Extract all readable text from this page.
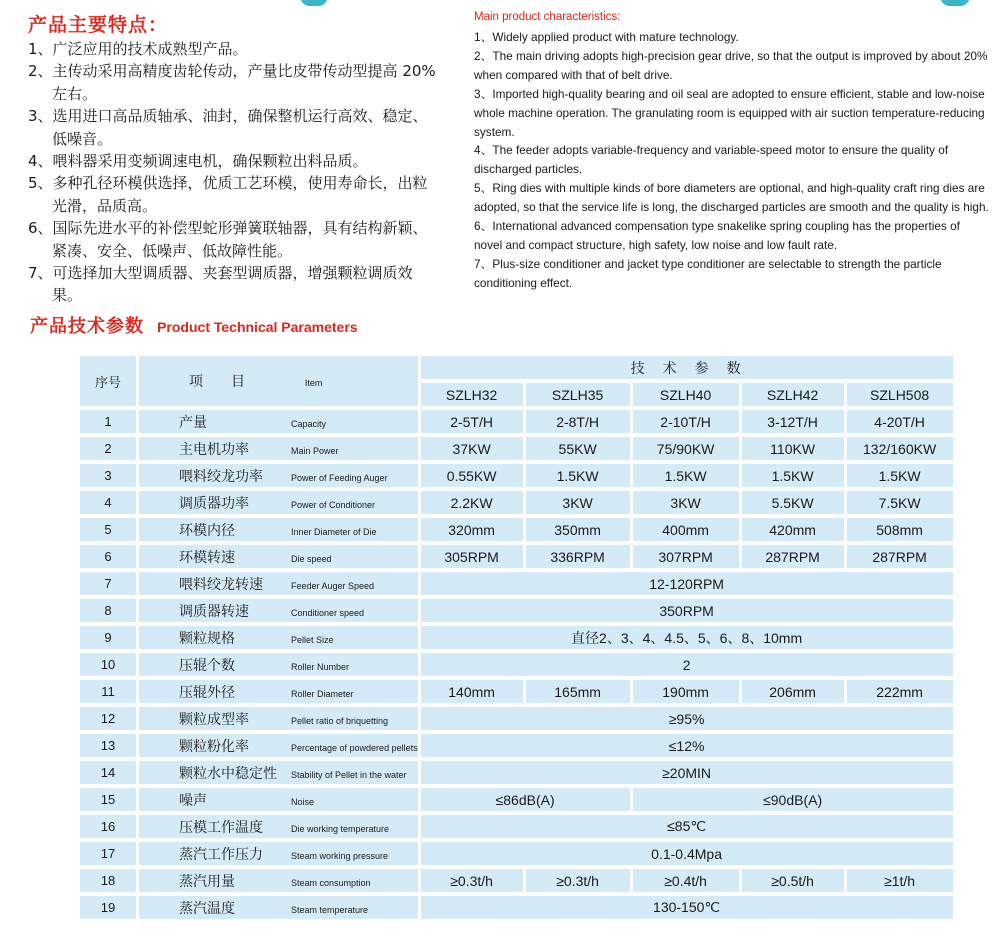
产品主要特点：
1、广泛应用的技术成熟型产品。
2、主传动采用高精度齿轮传动，产量比皮带传动型提高 20% 左右。
3、选用进口高品质轴承、油封，确保整机运行高效、稳定、低噪音。
4、喂料器采用变频调速电机，确保颗粒出料品质。
5、多种孔径环模供选择，优质工艺环模，使用寿命长，出粒光滑，品质高。
6、国际先进水平的补偿型蛇形弹簧联轴器，具有结构新颖、紧凑、安全、低噪声、低故障性能。
7、可选择加大型调质器、夹套型调质器，增强颗粒调质效果。
Main product characteristics:
1、Widely applied product with mature technology.
2、The main driving adopts high-precision gear drive, so that the output is improved by about 20% when compared with that of belt drive.
3、Imported high-quality bearing and oil seal are adopted to ensure efficient, stable and low-noise whole machine operation. The granulating room is equipped with air suction temperature-reducing system.
4、The feeder adopts variable-frequency and variable-speed motor to ensure the quality of discharged particles.
5、Ring dies with multiple kinds of bore diameters are optional, and high-quality craft ring dies are adopted, so that the service life is long, the discharged particles are smooth and the quality is high.
6、International advanced compensation type snakelike spring coupling has the properties of novel and compact structure, high safety, low noise and low fault rate.
7、Plus-size conditioner and jacket type conditioner are selectable to strength the particle conditioning effect.
产品技术参数 Product Technical Parameters
序号	项　　目 Item	技　术　参　数				
		SZLH32	SZLH35	SZLH40	SZLH42	SZLH508
1	产量 Capacity	2-5T/H	2-8T/H	2-10T/H	3-12T/H	4-20T/H
2	主电机功率 Main Power	37KW	55KW	75/90KW	110KW	132/160KW
3	喂料绞龙功率 Power of Feeding Auger	0.55KW	1.5KW	1.5KW	1.5KW	1.5KW
4	调质器功率 Power of Conditioner	2.2KW	3KW	3KW	5.5KW	7.5KW
5	环模内径 Inner Diameter of Die	320mm	350mm	400mm	420mm	508mm
6	环模转速 Die speed	305RPM	336RPM	307RPM	287RPM	287RPM
7	喂料绞龙转速 Feeder Auger Speed	12-120RPM				
8	调质器转速 Conditioner speed	350RPM				
9	颗粒规格 Pellet Size	直径2、3、4、4.5、5、6、8、10mm				
10	压辊个数 Roller Number	2				
11	压辊外径 Roller Diameter	140mm	165mm	190mm	206mm	222mm
12	颗粒成型率 Pellet ratio of briquetting	≥95%				
13	颗粒粉化率 Percentage of powdered pellets	≤12%				
14	颗粒水中稳定性 Stability of Pellet in the water	≥20MIN				
15	噪声 Noise	≤86dB(A)		≤90dB(A)		
16	压模工作温度 Die working temperature	≤85℃				
17	蒸汽工作压力 Steam working pressure	0.1-0.4Mpa				
18	蒸汽用量 Steam consumption	≥0.3t/h	≥0.3t/h	≥0.4t/h	≥0.5t/h	≥1t/h
19	蒸汽温度 Steam temperature	130-150℃				
